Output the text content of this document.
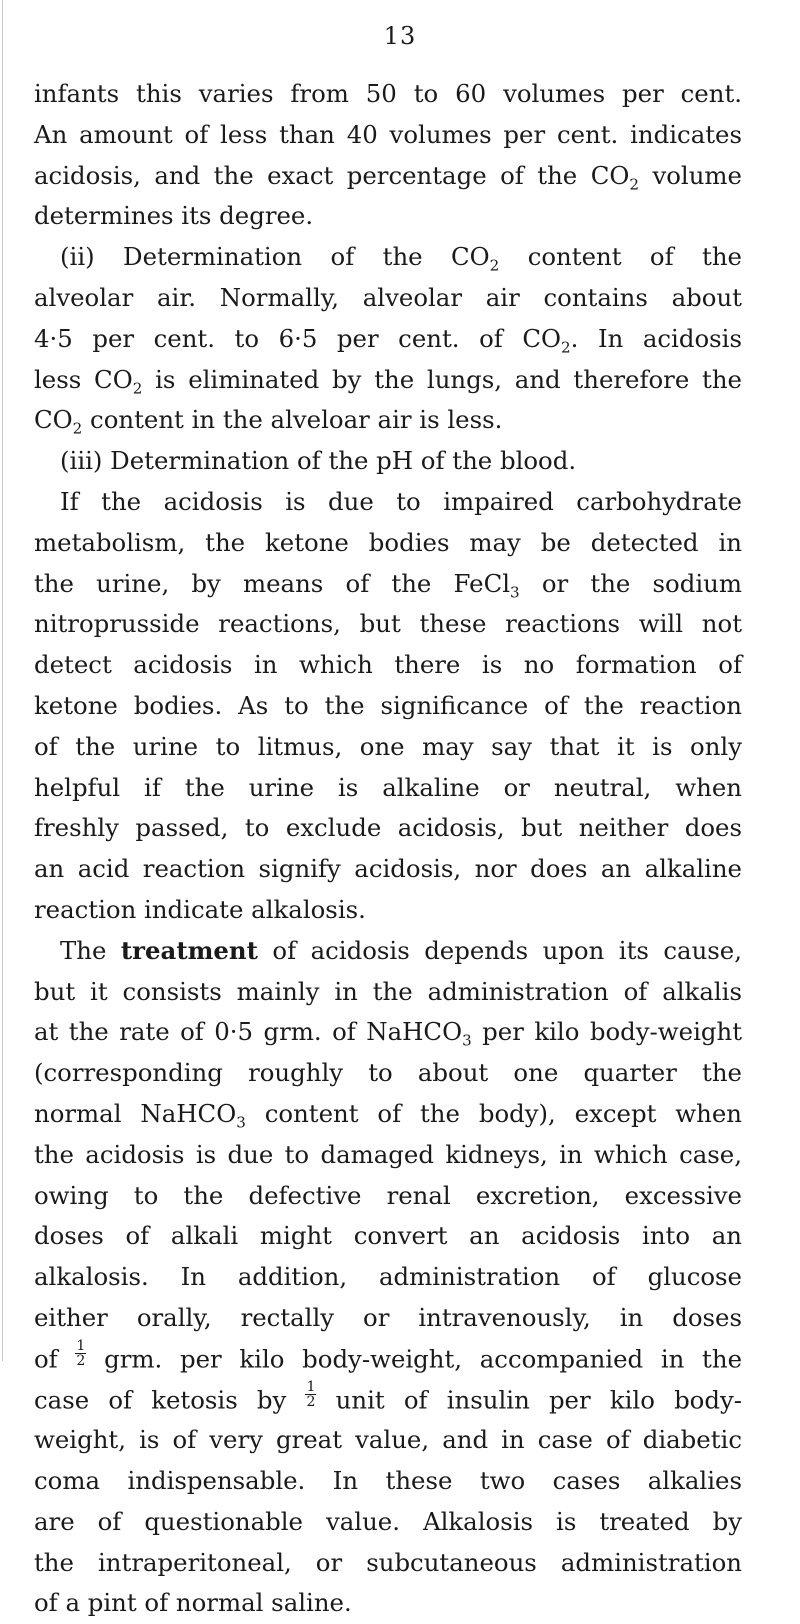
13
infants this varies from 50 to 60 volumes per cent.
An amount of less than 40 volumes per cent. indicates
acidosis, and the exact percentage of the $CO_2$ volume
determines its degree.
(ii) Determination of the $CO_2$ content of the
alveolar air. Normally, alveolar air contains about
4·5 per cent. to 6·5 per cent. of $CO_2$. In acidosis
less $CO_2$ is eliminated by the lungs, and therefore the
$CO_2$ content in the alveloar air is less.
(iii) Determination of the pH of the blood.
If the acidosis is due to impaired carbohydrate
metabolism, the ketone bodies may be detected in
the urine, by means of the FeCl$_3$ or the sodium
nitroprusside reactions, but these reactions will not
detect acidosis in which there is no formation of
ketone bodies. As to the significance of the reaction
of the urine to litmus, one may say that it is only
helpful if the urine is alkaline or neutral, when
freshly passed, to exclude acidosis, but neither does
an acid reaction signify acidosis, nor does an alkaline
reaction indicate alkalosis.
The treatment of acidosis depends upon its cause,
but it consists mainly in the administration of alkalis
at the rate of 0·5 grm. of NaHCO$_3$ per kilo body-weight
(corresponding roughly to about one quarter the
normal NaHCO$_3$ content of the body), except when
the acidosis is due to damaged kidneys, in which case,
owing to the defective renal excretion, excessive
doses of alkali might convert an acidosis into an
alkalosis. In addition, administration of glucose
either orally, rectally or intravenously, in doses
of $\frac{1}{2}$ grm. per kilo body-weight, accompanied in the
case of ketosis by $\frac{1}{2}$ unit of insulin per kilo body-
weight, is of very great value, and in case of diabetic
coma indispensable. In these two cases alkalies
are of questionable value. Alkalosis is treated by
the intraperitoneal, or subcutaneous administration
of a pint of normal saline.
